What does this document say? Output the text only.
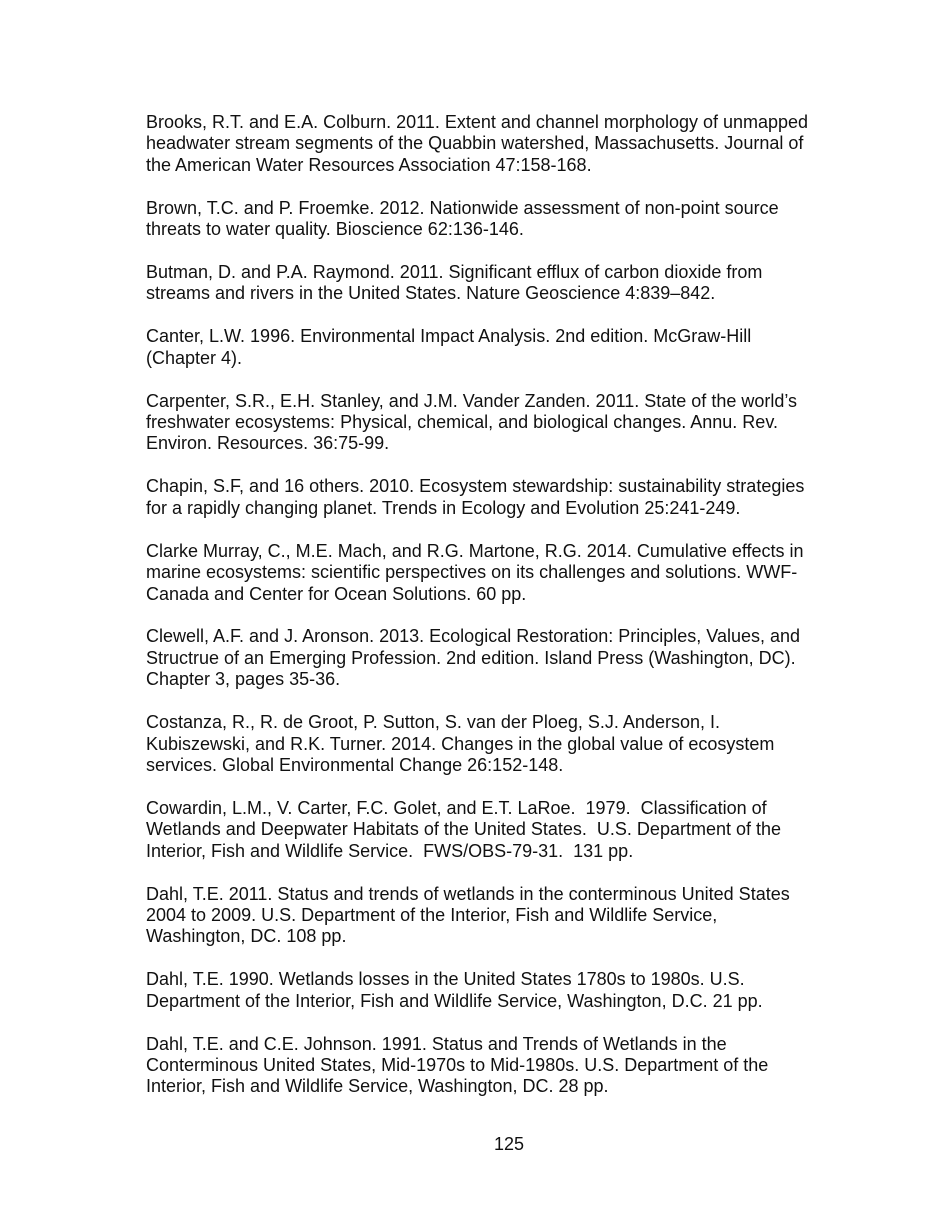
Brooks, R.T. and E.A. Colburn. 2011. Extent and channel morphology of unmapped
headwater stream segments of the Quabbin watershed, Massachusetts. Journal of
the American Water Resources Association 47:158-168.
Brown, T.C. and P. Froemke. 2012. Nationwide assessment of non-point source
threats to water quality. Bioscience 62:136-146.
Butman, D. and P.A. Raymond. 2011. Significant efflux of carbon dioxide from
streams and rivers in the United States. Nature Geoscience 4:839–842.
Canter, L.W. 1996. Environmental Impact Analysis. 2nd edition. McGraw-Hill
(Chapter 4).
Carpenter, S.R., E.H. Stanley, and J.M. Vander Zanden. 2011. State of the world’s
freshwater ecosystems: Physical, chemical, and biological changes. Annu. Rev.
Environ. Resources. 36:75-99.
Chapin, S.F, and 16 others. 2010. Ecosystem stewardship: sustainability strategies
for a rapidly changing planet. Trends in Ecology and Evolution 25:241-249.
Clarke Murray, C., M.E. Mach, and R.G. Martone, R.G. 2014. Cumulative effects in
marine ecosystems: scientific perspectives on its challenges and solutions. WWF-
Canada and Center for Ocean Solutions. 60 pp.
Clewell, A.F. and J. Aronson. 2013. Ecological Restoration: Principles, Values, and
Structrue of an Emerging Profession. 2nd edition. Island Press (Washington, DC).
Chapter 3, pages 35-36.
Costanza, R., R. de Groot, P. Sutton, S. van der Ploeg, S.J. Anderson, I.
Kubiszewski, and R.K. Turner. 2014. Changes in the global value of ecosystem
services. Global Environmental Change 26:152-148.
Cowardin, L.M., V. Carter, F.C. Golet, and E.T. LaRoe.  1979.  Classification of
Wetlands and Deepwater Habitats of the United States.  U.S. Department of the
Interior, Fish and Wildlife Service.  FWS/OBS-79-31.  131 pp.
Dahl, T.E. 2011. Status and trends of wetlands in the conterminous United States
2004 to 2009. U.S. Department of the Interior, Fish and Wildlife Service,
Washington, DC. 108 pp.
Dahl, T.E. 1990. Wetlands losses in the United States 1780s to 1980s. U.S.
Department of the Interior, Fish and Wildlife Service, Washington, D.C. 21 pp.
Dahl, T.E. and C.E. Johnson. 1991. Status and Trends of Wetlands in the
Conterminous United States, Mid-1970s to Mid-1980s. U.S. Department of the
Interior, Fish and Wildlife Service, Washington, DC. 28 pp.
125
